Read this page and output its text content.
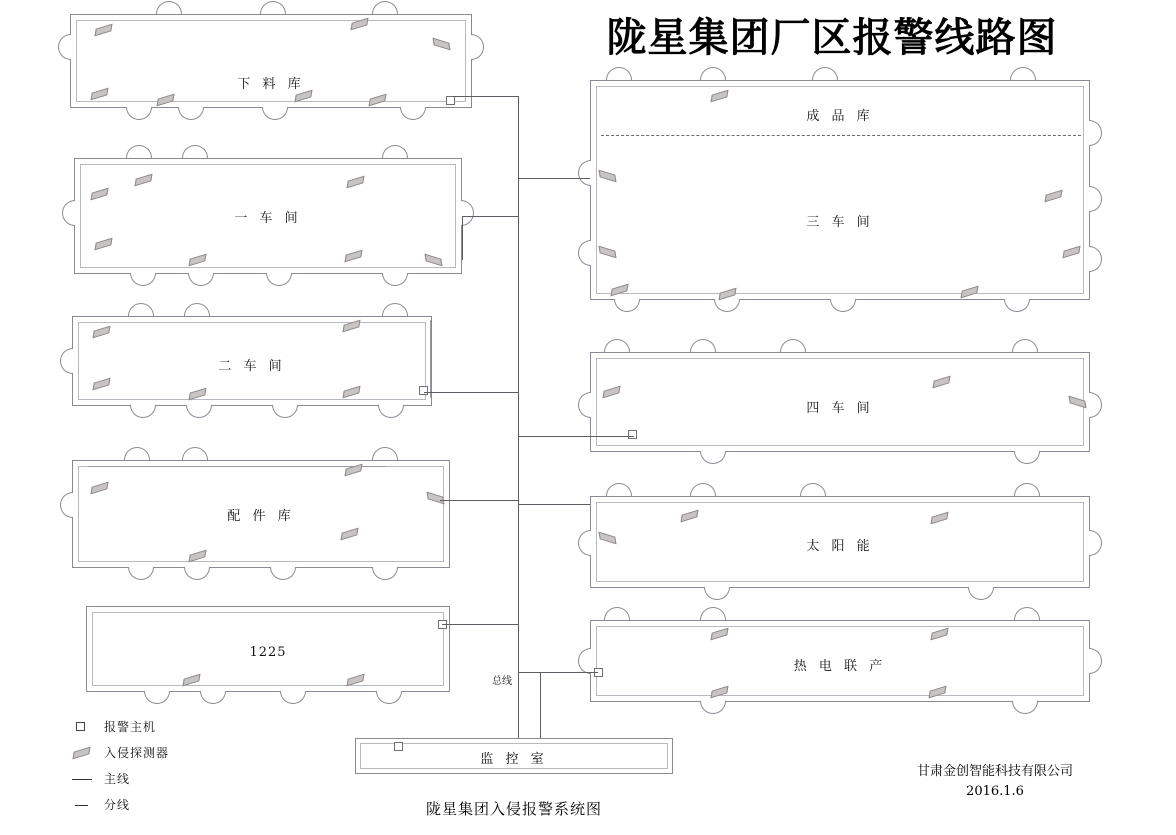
陇星集团厂区报警线路图
下 料 库
一 车 间
二 车 间
配 件 库
1225
成 品 库
三 车 间
四 车 间
太 阳 能
热 电 联 产
总线
监 控 室
陇星集团入侵报警系统图
报警主机
入侵探测器
主线
分线
甘肃金创智能科技有限公司
2016.1.6
